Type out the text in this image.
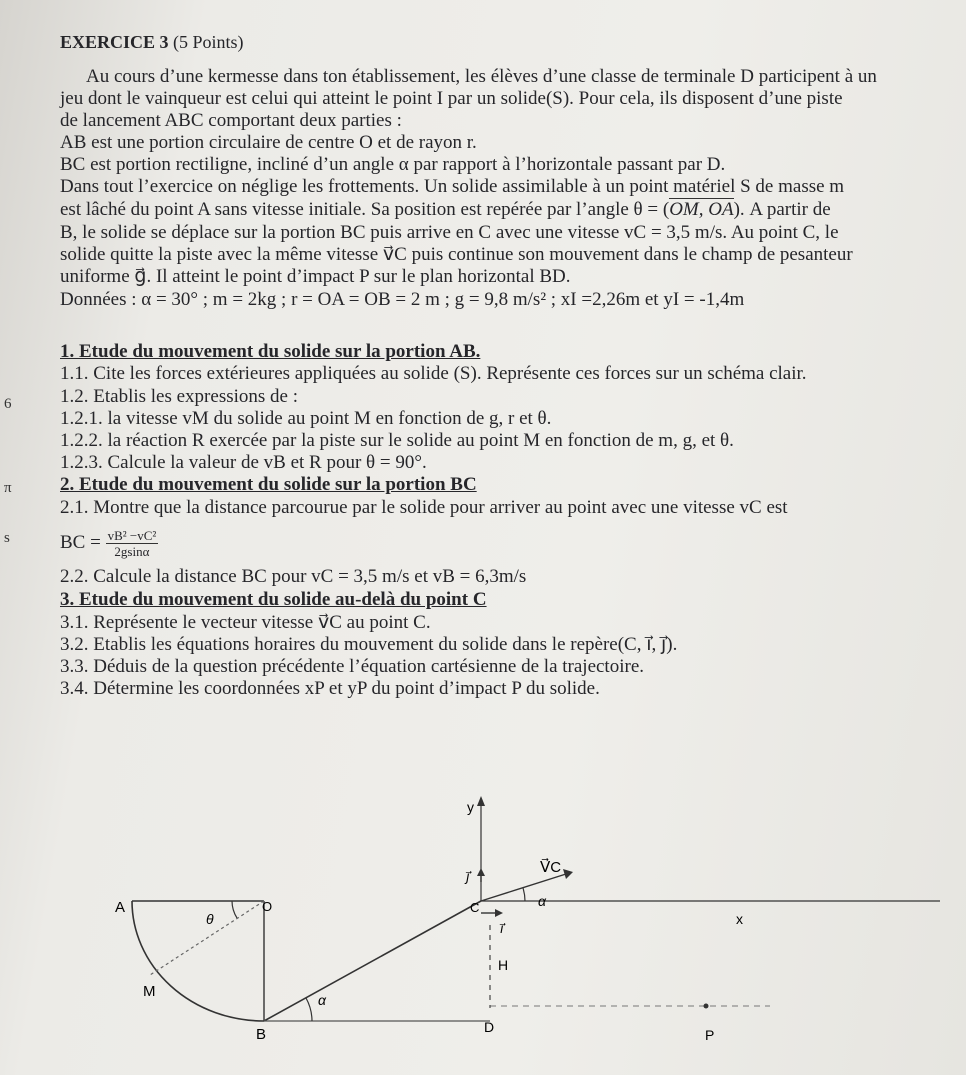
EXERCICE 3 (5 Points)
Au cours d’une kermesse dans ton établissement, les élèves d’une classe de terminale D participent à un
jeu dont le vainqueur est celui qui atteint le point I par un solide(S). Pour cela, ils disposent d’une piste
de lancement ABC comportant deux parties :
AB est une portion circulaire de centre O et de rayon r.
BC est portion rectiligne, incliné d’un angle α par rapport à l’horizontale passant par D.
Dans tout l’exercice on néglige les frottements. Un solide assimilable à un point matériel S de masse m
est lâché du point A sans vitesse initiale. Sa position est repérée par l’angle θ = (OM, OA). A partir de
B, le solide se déplace sur la portion BC puis arrive en C avec une vitesse vC = 3,5 m/s. Au point C, le
solide quitte la piste avec la même vitesse v⃗C puis continue son mouvement dans le champ de pesanteur
uniforme g⃗. Il atteint le point d’impact P sur le plan horizontal BD.
Données : α = 30° ; m = 2kg ; r = OA = OB = 2 m ; g = 9,8 m/s² ; xI =2,26m et yI = -1,4m
1. Etude du mouvement du solide sur la portion AB.
1.1. Cite les forces extérieures appliquées au solide (S). Représente ces forces sur un schéma clair.
1.2. Etablis les expressions de :
1.2.1. la vitesse vM du solide au point M en fonction de g, r et θ.
1.2.2. la réaction R exercée par la piste sur le solide au point M en fonction de m, g, et θ.
1.2.3. Calcule la valeur de vB et R pour θ = 90°.
2. Etude du mouvement du solide sur la portion BC
2.1. Montre que la distance parcourue par le solide pour arriver au point avec une vitesse vC est
BC = $\frac{\text{vB² −vC²}}{2gsin\alpha}$
2.2. Calcule la distance BC pour vC = 3,5 m/s et vB = 6,3m/s
3. Etude du mouvement du solide au-delà du point C
3.1. Représente le vecteur vitesse v⃗C au point C.
3.2. Etablis les équations horaires du mouvement du solide dans le repère(C, i⃗, j⃗).
3.3. Déduis de la question précédente l’équation cartésienne de la trajectoire.
3.4. Détermine les coordonnées xP et yP du point d’impact P du solide.
6
π
s
A	O
θ
M
B
α
C	α
y
j⃗
i⃗
x
V⃗C
H
D	P
